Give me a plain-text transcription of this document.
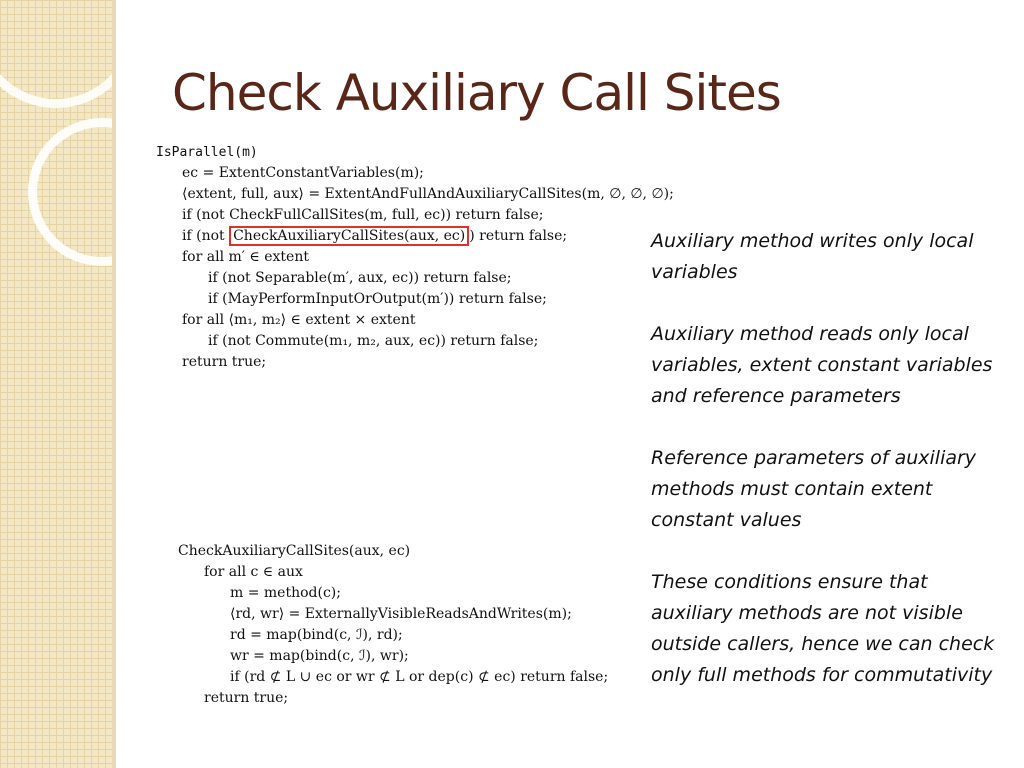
Check Auxiliary Call Sites
IsParallel(m)
ec = ExtentConstantVariables(m);
⟨extent, full, aux⟩ = ExtentAndFullAndAuxiliaryCallSites(m, ∅, ∅, ∅);
if (not CheckFullCallSites(m, full, ec)) return false;
if (not CheckAuxiliaryCallSites(aux, ec) ) return false;
for all m′ ∈ extent
if (not Separable(m′, aux, ec)) return false;
if (MayPerformInputOrOutput(m′)) return false;
for all ⟨m₁, m₂⟩ ∈ extent × extent
if (not Commute(m₁, m₂, aux, ec)) return false;
return true;
CheckAuxiliaryCallSites(aux, ec)
for all c ∈ aux
m = method(c);
⟨rd, wr⟩ = ExternallyVisibleReadsAndWrites(m);
rd = map(bind(c, ℐ), rd);
wr = map(bind(c, ℐ), wr);
if (rd ⊄ L ∪ ec or wr ⊄ L or dep(c) ⊄ ec) return false;
return true;

Auxiliary method writes only local variables

Auxiliary method reads only local variables, extent constant variables and reference parameters

Reference parameters of auxiliary methods must contain extent constant values

These conditions ensure that auxiliary methods are not visible outside callers, hence we can check only full methods for commutativity
